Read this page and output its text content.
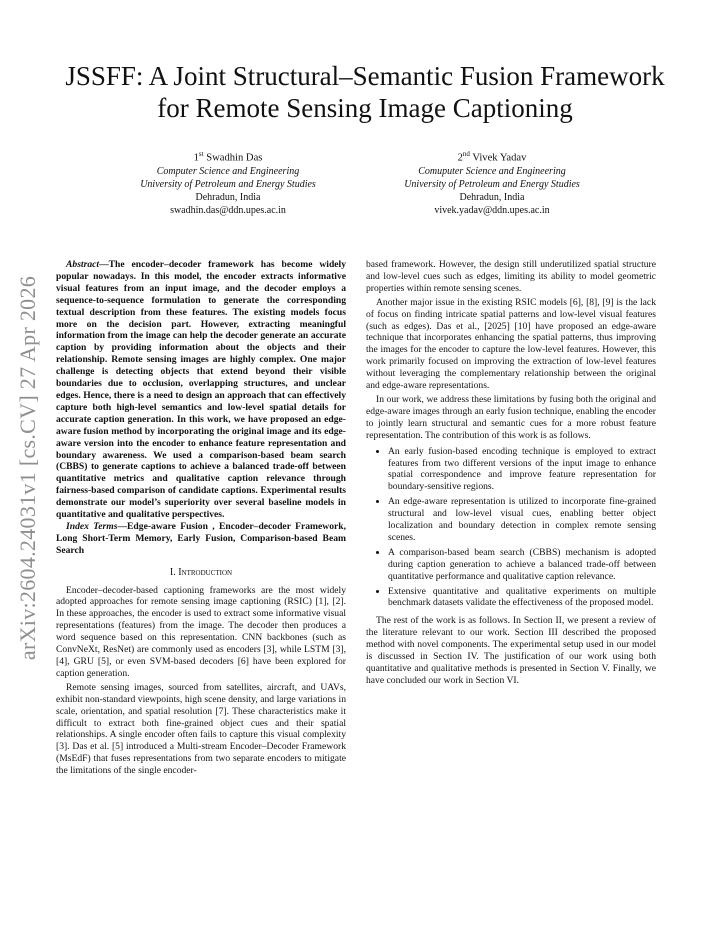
arXiv:2604.24031v1 [cs.CV] 27 Apr 2026
JSSFF: A Joint Structural–Semantic Fusion Framework for Remote Sensing Image Captioning
1st Swadhin Das
Computer Science and Engineering
University of Petroleum and Energy Studies
Dehradun, India
swadhin.das@ddn.upes.ac.in
2nd Vivek Yadav
Comuputer Science and Engineering
University of Petroleum and Energy Studies
Dehradun, India
vivek.yadav@ddn.upes.ac.in

Abstract—The encoder–decoder framework has become widely popular nowadays. In this model, the encoder extracts informative visual features from an input image, and the decoder employs a sequence-to-sequence formulation to generate the corresponding textual description from these features. The existing models focus more on the decision part. However, extracting meaningful information from the image can help the decoder generate an accurate caption by providing information about the objects and their relationship. Remote sensing images are highly complex. One major challenge is detecting objects that extend beyond their visible boundaries due to occlusion, overlapping structures, and unclear edges. Hence, there is a need to design an approach that can effectively capture both high-level semantics and low-level spatial details for accurate caption generation. In this work, we have proposed an edge-aware fusion method by incorporating the original image and its edge-aware version into the encoder to enhance feature representation and boundary awareness. We used a comparison-based beam search (CBBS) to generate captions to achieve a balanced trade-off between quantitative metrics and qualitative caption relevance through fairness-based comparison of candidate captions. Experimental results demonstrate our model’s superiority over several baseline models in quantitative and qualitative perspectives.

Index Terms—Edge-aware Fusion , Encoder–decoder Framework, Long Short-Term Memory, Early Fusion, Comparison-based Beam Search

I. Introduction

Encoder–decoder-based captioning frameworks are the most widely adopted approaches for remote sensing image captioning (RSIC) [1], [2]. In these approaches, the encoder is used to extract some informative visual representations (features) from the image. The decoder then produces a word sequence based on this representation. CNN backbones (such as ConvNeXt, ResNet) are commonly used as encoders [3], while LSTM [3], [4], GRU [5], or even SVM-based decoders [6] have been explored for caption generation.

Remote sensing images, sourced from satellites, aircraft, and UAVs, exhibit non-standard viewpoints, high scene density, and large variations in scale, orientation, and spatial resolution [7]. These characteristics make it difficult to extract both fine-grained object cues and their spatial relationships. A single encoder often fails to capture this visual complexity [3]. Das et al. [5] introduced a Multi-stream Encoder–Decoder Framework (MsEdF) that fuses representations from two separate encoders to mitigate the limitations of the single encoder-

based framework. However, the design still underutilized spatial structure and low-level cues such as edges, limiting its ability to model geometric properties within remote sensing scenes.

Another major issue in the existing RSIC models [6], [8], [9] is the lack of focus on finding intricate spatial patterns and low-level visual features (such as edges). Das et al., [2025] [10] have proposed an edge-aware technique that incorporates enhancing the spatial patterns, thus improving the images for the encoder to capture the low-level features. However, this work primarily focused on improving the extraction of low-level features without leveraging the complementary relationship between the original and edge-aware representations.

In our work, we address these limitations by fusing both the original and edge-aware images through an early fusion technique, enabling the encoder to jointly learn structural and semantic cues for a more robust feature representation. The contribution of this work is as follows.

• An early fusion-based encoding technique is employed to extract features from two different versions of the input image to enhance spatial correspondence and improve feature representation for boundary-sensitive regions.
• An edge-aware representation is utilized to incorporate fine-grained structural and low-level visual cues, enabling better object localization and boundary detection in complex remote sensing scenes.
• A comparison-based beam search (CBBS) mechanism is adopted during caption generation to achieve a balanced trade-off between quantitative performance and qualitative caption relevance.
• Extensive quantitative and qualitative experiments on multiple benchmark datasets validate the effectiveness of the proposed model.

The rest of the work is as follows. In Section II, we present a review of the literature relevant to our work. Section III described the proposed method with novel components. The experimental setup used in our model is discussed in Section IV. The justification of our work using both quantitative and qualitative methods is presented in Section V. Finally, we have concluded our work in Section VI.
